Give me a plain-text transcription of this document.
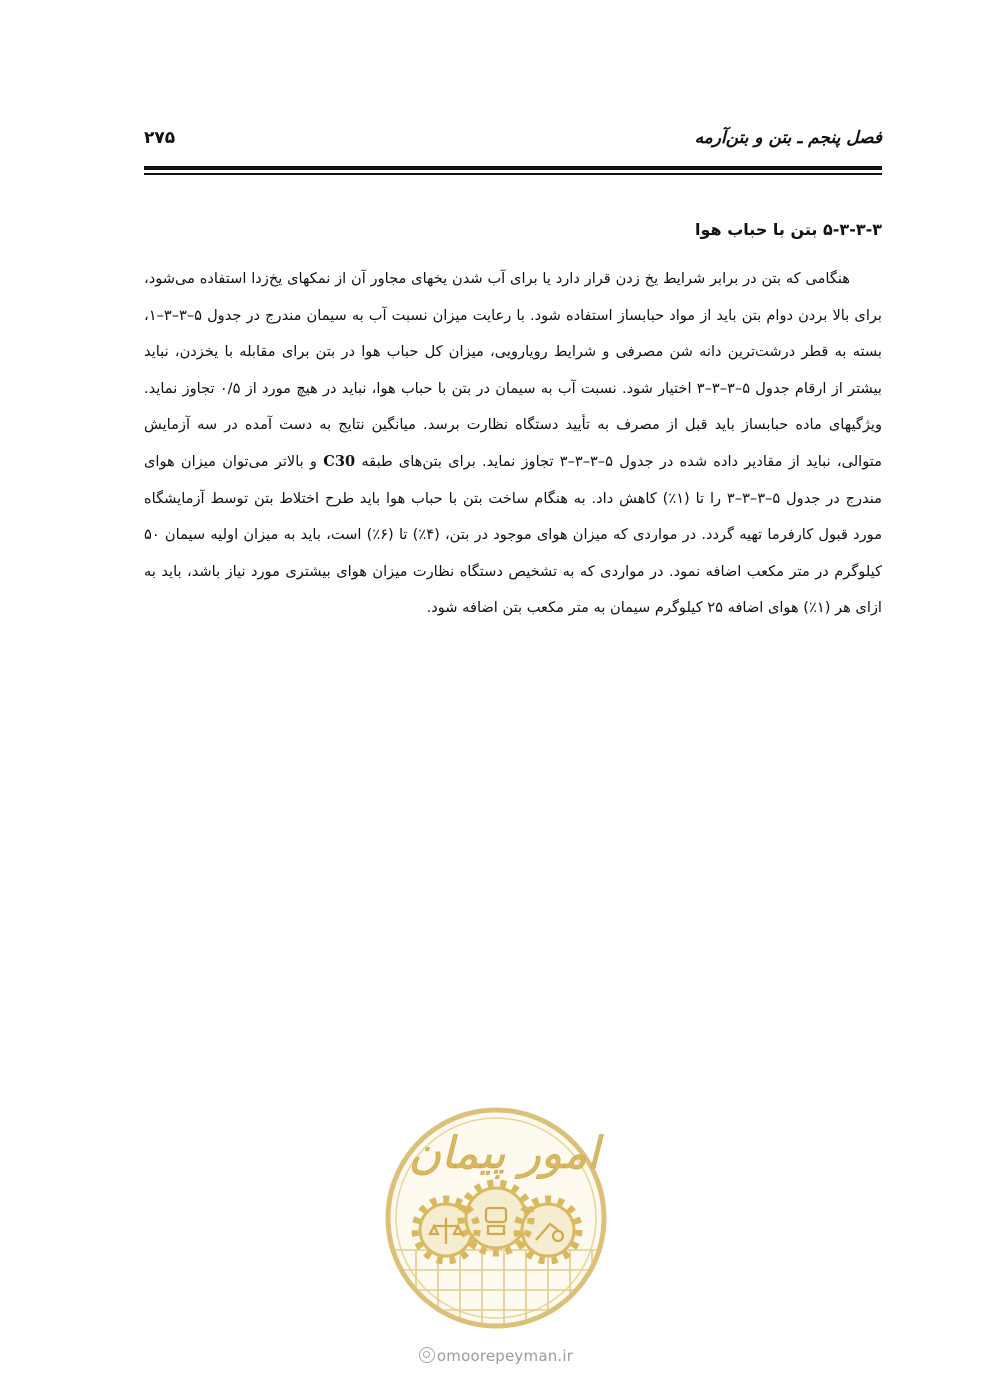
فصل پنجم ـ بتن و بتن‌آرمه
۲۷۵
۵-۳-۳-۳ بتن با حباب هوا

هنگامی که بتن در برابر شرایط یخ زدن قرار دارد یا برای آب شدن یخهای مجاور آن از نمکهای یخ‌زدا استفاده می‌شود، برای بالا بردن دوام بتن باید از مواد حبابساز استفاده شود. با رعایت میزان نسبت آب به سیمان مندرج در جدول ۵–۳–۳–۱، بسته به قطر درشت‌ترین دانه شن مصرفی و شرایط رویارویی، میزان کل حباب هوا در بتن برای مقابله با یخزدن، نباید بیشتر از ارقام جدول ۵–۳–۳–۳ اختیار شود. نسبت آب به سیمان در بتن با حباب هوا، نباید در هیچ مورد از ۰/۵ تجاوز نماید. ویژگیهای ماده حبابساز باید قبل از مصرف به تأیید دستگاه نظارت برسد. میانگین نتایج به دست آمده در سه آزمایش متوالی، نباید از مقادیر داده شده در جدول ۵–۳–۳–۳ تجاوز نماید. برای بتن‌های طبقه C30 و بالاتر می‌توان میزان هوای مندرج در جدول ۵–۳–۳–۳ را تا (۱٪) کاهش داد. به هنگام ساخت بتن با حباب هوا باید طرح اختلاط بتن توسط آزمایشگاه مورد قبول کارفرما تهیه گردد. در مواردی که میزان هوای موجود در بتن، (۴٪) تا (۶٪) است، باید به میزان اولیه سیمان ۵۰ کیلوگرم در متر مکعب اضافه نمود. در مواردی که به تشخیص دستگاه نظارت میزان هوای بیشتری مورد نیاز باشد، باید به ازای هر (۱٪) هوای اضافه ۲۵ کیلوگرم سیمان به متر مکعب بتن اضافه شود.

امور پیمان
omoorepeyman.ir
